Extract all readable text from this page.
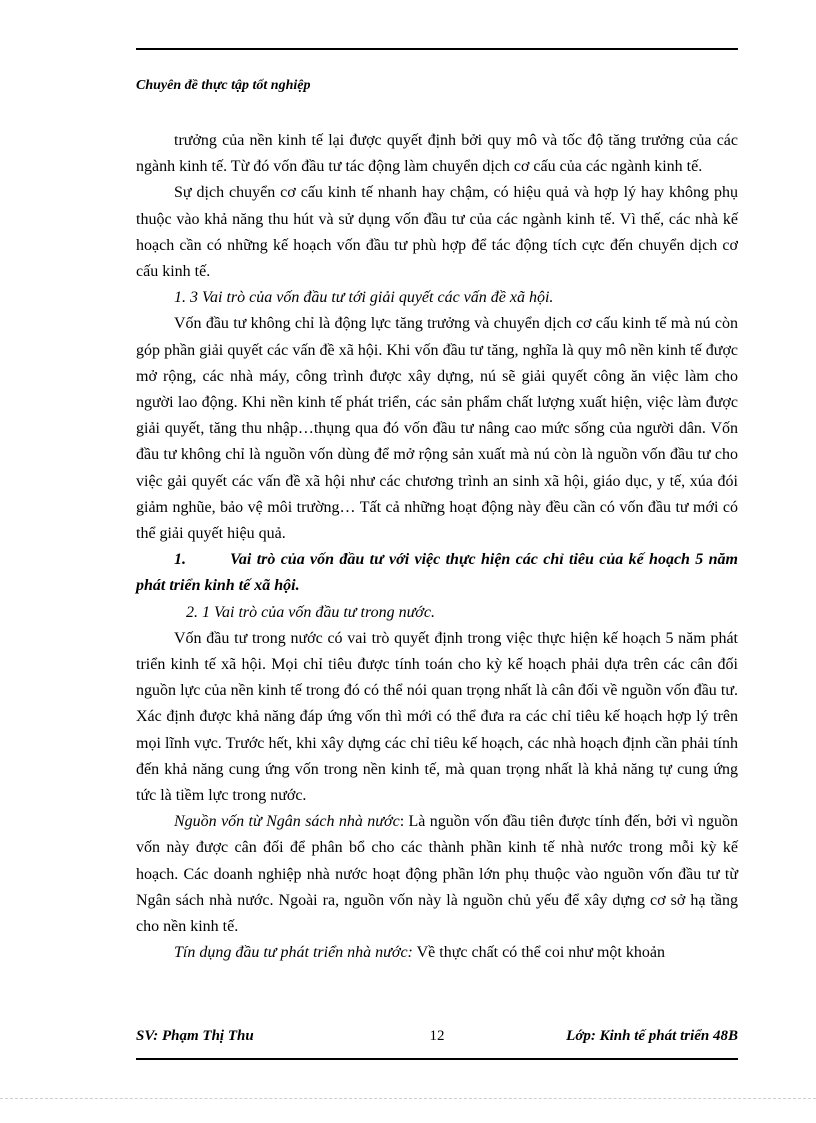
Chuyên đề thực tập tốt nghiệp

trưởng của nền kinh tế lại được quyết định bởi quy mô và tốc độ tăng trưởng của các ngành kinh tế. Từ đó vốn đầu tư tác động làm chuyển dịch cơ cấu của các ngành kinh tế.

Sự dịch chuyển cơ cấu kinh tế nhanh hay chậm, có hiệu quả và hợp lý hay không phụ thuộc vào khả năng thu hút và sử dụng vốn đầu tư của các ngành kinh tế. Vì thế, các nhà kế hoạch cần có những kế hoạch vốn đầu tư phù hợp để tác động tích cực đến chuyển dịch cơ cấu kinh tế.

1. 3 Vai trò của vốn đầu tư tới giải quyết các vấn đề xã hội.

Vốn đầu tư không chỉ là động lực tăng trưởng và chuyển dịch cơ cấu kinh tế mà nú còn góp phần giải quyết các vấn đề xã hội. Khi vốn đầu tư tăng, nghĩa là quy mô nền kinh tế được mở rộng, các nhà máy, công trình được xây dựng, nú sẽ giải quyết công ăn việc làm cho người lao động. Khi nền kinh tế phát triển, các sản phẩm chất lượng xuất hiện, việc làm được giải quyết, tăng thu nhập…thụng qua đó vốn đầu tư nâng cao mức sống của người dân. Vốn đầu tư không chỉ là nguồn vốn dùng để mở rộng sản xuất mà nú còn là nguồn vốn đầu tư cho việc gải quyết các vấn đề xã hội như các chương trình an sinh xã hội, giáo dục, y tế, xúa đói giảm nghũe, bảo vệ môi trường… Tất cả những hoạt động này đều cần có vốn đầu tư mới có thể giải quyết hiệu quả.

1.	Vai trò của vốn đầu tư với việc thực hiện các chỉ tiêu của kế hoạch 5 năm phát triển kinh tế xã hội.

2. 1 Vai trò của vốn đầu tư trong nước.

Vốn đầu tư trong nước có vai trò quyết định trong việc thực hiện kế hoạch 5 năm phát triển kinh tế xã hội. Mọi chỉ tiêu được tính toán cho kỳ kế hoạch phải dựa trên các cân đối nguồn lực của nền kinh tế trong đó có thể nói quan trọng nhất là cân đối về nguồn vốn đầu tư. Xác định được khả năng đáp ứng vốn thì mới có thể đưa ra các chỉ tiêu kế hoạch hợp lý trên mọi lĩnh vực. Trước hết, khi xây dựng các chỉ tiêu kế hoạch, các nhà hoạch định cần phải tính đến khả năng cung ứng vốn trong nền kinh tế, mà quan trọng nhất là khả năng tự cung ứng tức là tiềm lực trong nước.

Nguồn vốn từ Ngân sách nhà nước: Là nguồn vốn đầu tiên được tính đến, bởi vì nguồn vốn này được cân đối để phân bổ cho các thành phần kinh tế nhà nước trong mỗi kỳ kế hoạch. Các doanh nghiệp nhà nước hoạt động phần lớn phụ thuộc vào nguồn vốn đầu tư từ Ngân sách nhà nước. Ngoài ra, nguồn vốn này là nguồn chủ yếu để xây dựng cơ sở hạ tầng cho nền kinh tế.

Tín dụng đầu tư phát triển nhà nước: Về thực chất có thể coi như một khoản

SV: Phạm Thị Thu	12	Lớp: Kinh tế phát triển 48B
